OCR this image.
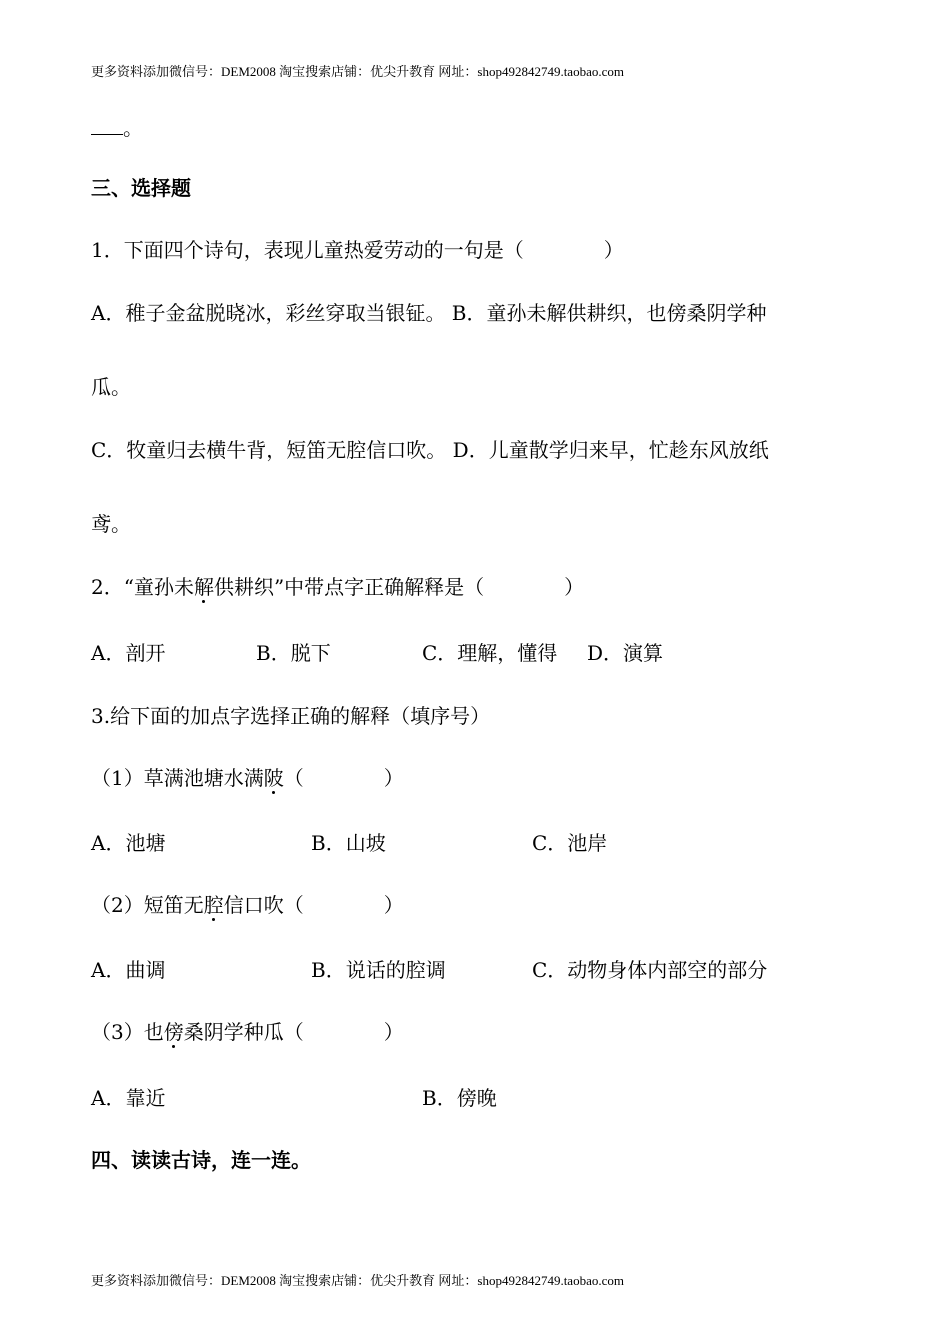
更多资料添加微信号：DEM2008 淘宝搜索店铺：优尖升教育 网址：shop492842749.taobao.com
。
三、选择题
1．下面四个诗句，表现儿童热爱劳动的一句是（　　　　）
A．稚子金盆脱晓冰，彩丝穿取当银钲。 B．童孙未解供耕织，也傍桑阴学种
瓜。
C．牧童归去横牛背，短笛无腔信口吹。 D．儿童散学归来早，忙趁东风放纸
鸢。
2．“童孙未解供耕织”中带点字正确解释是（　　　　）
A．剖开	B．脱下	C．理解，懂得 D．演算
3.给下面的加点字选择正确的解释（填序号）
（1）草满池塘水满陂（　　　　）
A．池塘	B．山坡	C．池岸
（2）短笛无腔信口吹（　　　　）
A．曲调	B．说话的腔调	C．动物身体内部空的部分
（3）也傍桑阴学种瓜（　　　　）
A．靠近	B．傍晚
四、读读古诗，连一连。
更多资料添加微信号：DEM2008 淘宝搜索店铺：优尖升教育 网址：shop492842749.taobao.com
